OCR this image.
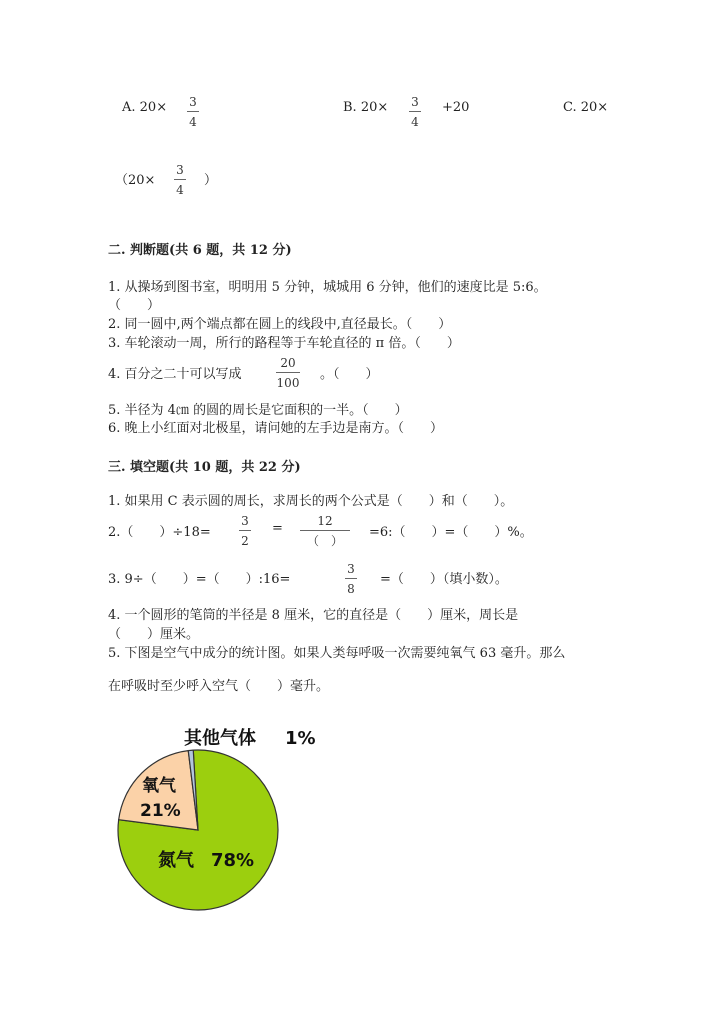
A. 20× 3
4
B. 20× 3
4
+20	C. 20×
（20×
3
4
）
二. 判断题(共 6 题，共 12 分)
1. 从操场到图书室，明明用 5 分钟，城城用 6 分钟，他们的速度比是 5:6。
（　　）
2. 同一圆中,两个端点都在圆上的线段中,直径最长。（　　）
3. 车轮滚动一周，所行的路程等于车轮直径的 π 倍。（　　）
4. 百分之二十可以写成
20
100
。（　　）
5. 半径为 4㎝ 的圆的周长是它面积的一半。（　　）
6. 晚上小红面对北极星，请问她的左手边是南方。（　　）
三. 填空题(共 10 题，共 22 分)
1. 如果用 C 表示圆的周长，求周长的两个公式是（　　）和（　　）。
2.（　　）÷18=
3
2
=	12
（　）
=6:（　　）=（　　）%。
3. 9÷（　　）=（　　）:16=
3
8
=（　　）（填小数）。
4. 一个圆形的笔筒的半径是 8 厘米，它的直径是（　　）厘米，周长是
（　　）厘米。
5. 下图是空气中成分的统计图。如果人类每呼吸一次需要纯氧气 63 毫升。那么
在呼吸时至少呼入空气（　　）毫升。
其他气体 1%
氧气
21%
氮气 78%
